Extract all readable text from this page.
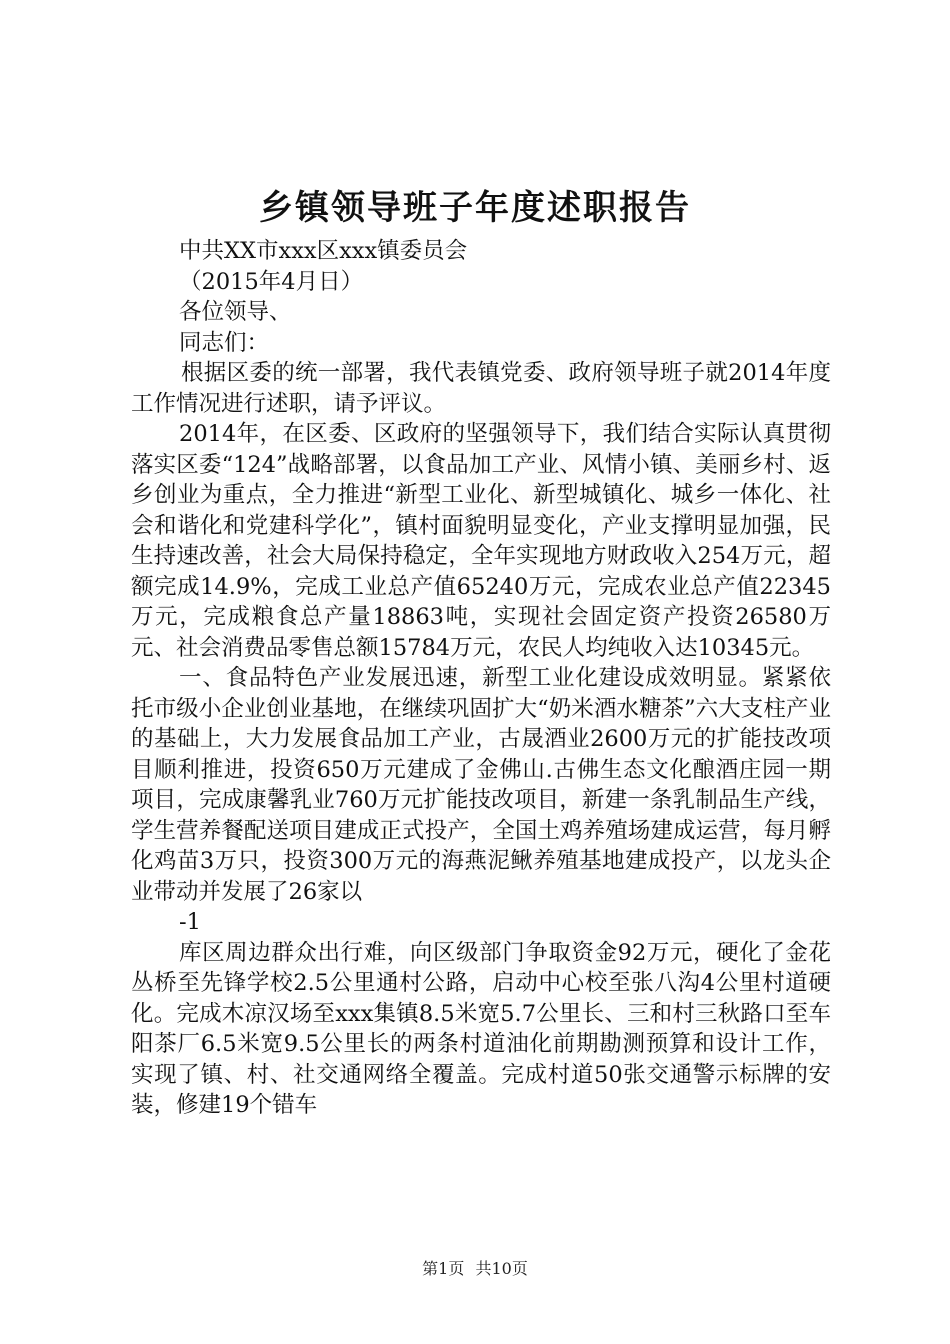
乡镇领导班子年度述职报告

中共XX市xxx区xxx镇委员会

（2015年4月日）

各位领导、

同志们：

根据区委的统一部署，我代表镇党委、政府领导班子就2014年度工作情况进行述职，请予评议。

2014年，在区委、区政府的坚强领导下，我们结合实际认真贯彻落实区委“124”战略部署，以食品加工产业、风情小镇、美丽乡村、返乡创业为重点，全力推进“新型工业化、新型城镇化、城乡一体化、社会和谐化和党建科学化”，镇村面貌明显变化，产业支撑明显加强，民生持速改善，社会大局保持稳定，全年实现地方财政收入254万元，超额完成14.9%，完成工业总产值65240万元，完成农业总产值22345万元，完成粮食总产量18863吨，实现社会固定资产投资26580万元、社会消费品零售总额15784万元，农民人均纯收入达10345元。

一、食品特色产业发展迅速，新型工业化建设成效明显。紧紧依托市级小企业创业基地，在继续巩固扩大“奶米酒水糖茶”六大支柱产业的基础上，大力发展食品加工产业，古晟酒业2600万元的扩能技改项目顺利推进，投资650万元建成了金佛山.古佛生态文化酿酒庄园一期项目，完成康馨乳业760万元扩能技改项目，新建一条乳制品生产线，学生营养餐配送项目建成正式投产，全国土鸡养殖场建成运营，每月孵化鸡苗3万只，投资300万元的海燕泥鳅养殖基地建成投产，以龙头企业带动并发展了26家以

-1

库区周边群众出行难，向区级部门争取资金92万元，硬化了金花丛桥至先锋学校2.5公里通村公路，启动中心校至张八沟4公里村道硬化。完成木凉汉场至xxx集镇8.5米宽5.7公里长、三和村三秋路口至车阳茶厂6.5米宽9.5公里长的两条村道油化前期勘测预算和设计工作，实现了镇、村、社交通网络全覆盖。完成村道50张交通警示标牌的安装，修建19个错车

第1页 共10页
